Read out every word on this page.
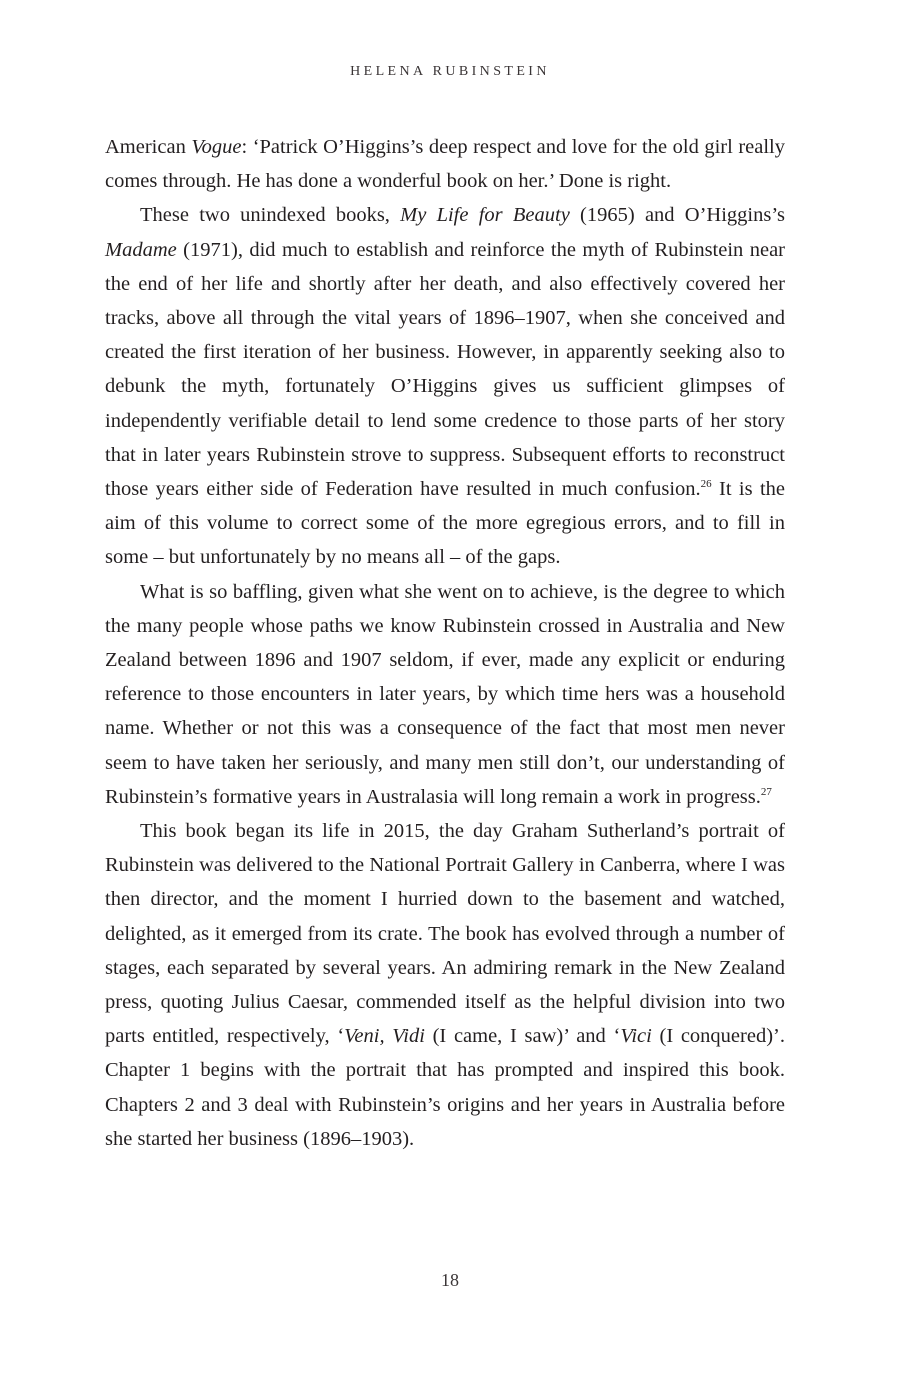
HELENA RUBINSTEIN

American Vogue: ‘Patrick O’Higgins’s deep respect and love for the old girl really comes through. He has done a wonderful book on her.’ Done is right.

These two unindexed books, My Life for Beauty (1965) and O’Higgins’s Madame (1971), did much to establish and reinforce the myth of Rubinstein near the end of her life and shortly after her death, and also effectively covered her tracks, above all through the vital years of 1896–1907, when she conceived and created the first iteration of her business. However, in apparently seeking also to debunk the myth, fortunately O’Higgins gives us sufficient glimpses of independently verifiable detail to lend some credence to those parts of her story that in later years Rubinstein strove to suppress. Subsequent efforts to reconstruct those years either side of Federation have resulted in much confusion.$^{26}$ It is the aim of this volume to correct some of the more egregious errors, and to fill in some – but unfortunately by no means all – of the gaps.

What is so baffling, given what she went on to achieve, is the degree to which the many people whose paths we know Rubinstein crossed in Australia and New Zealand between 1896 and 1907 seldom, if ever, made any explicit or enduring reference to those encounters in later years, by which time hers was a household name. Whether or not this was a consequence of the fact that most men never seem to have taken her seriously, and many men still don’t, our understanding of Rubinstein’s formative years in Australasia will long remain a work in progress.$^{27}$

This book began its life in 2015, the day Graham Sutherland’s portrait of Rubinstein was delivered to the National Portrait Gallery in Canberra, where I was then director, and the moment I hurried down to the basement and watched, delighted, as it emerged from its crate. The book has evolved through a number of stages, each separated by several years. An admiring remark in the New Zealand press, quoting Julius Caesar, commended itself as the helpful division into two parts entitled, respectively, ‘Veni, Vidi (I came, I saw)’ and ‘Vici (I conquered)’. Chapter 1 begins with the portrait that has prompted and inspired this book. Chapters 2 and 3 deal with Rubinstein’s origins and her years in Australia before she started her business (1896–1903).

18
